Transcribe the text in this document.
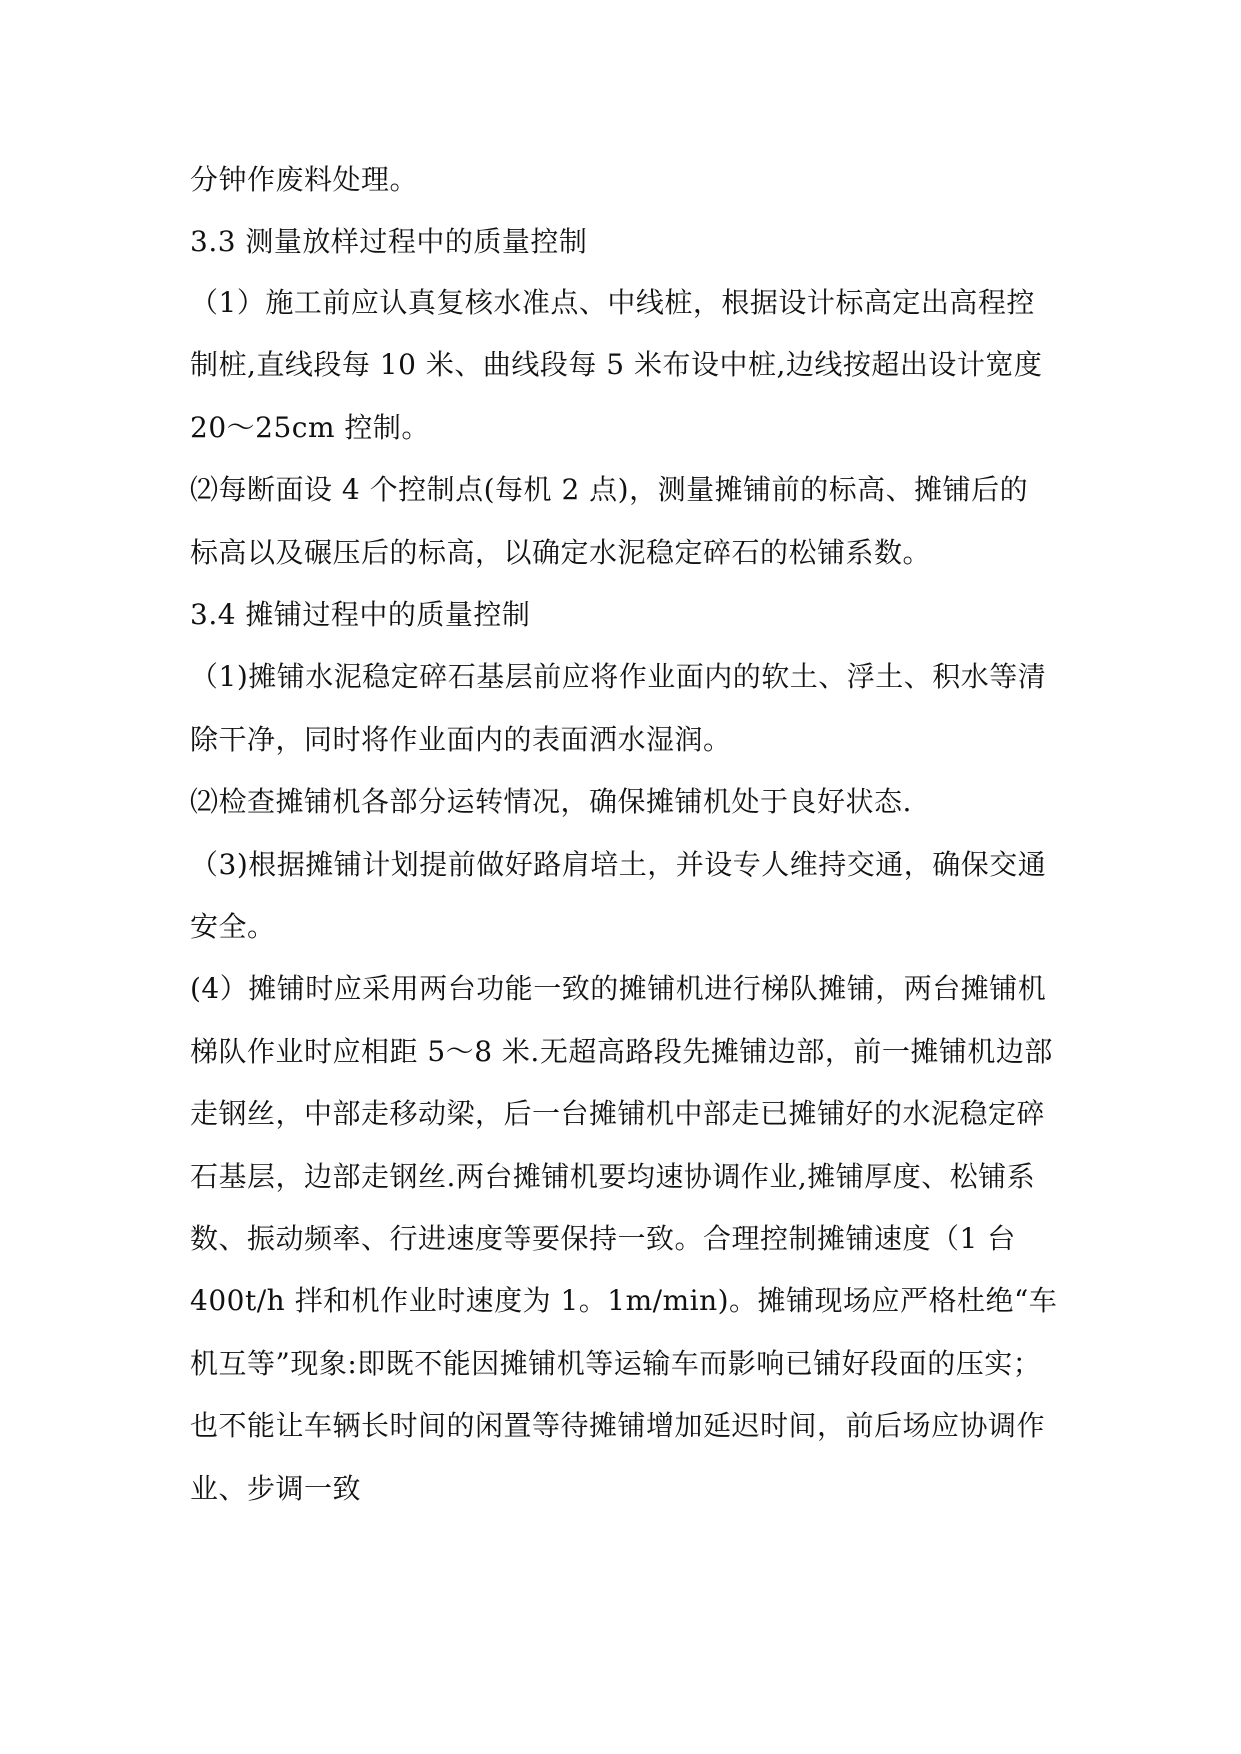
分钟作废料处理。
3.3 测量放样过程中的质量控制
（1）施工前应认真复核水准点、中线桩，根据设计标高定出高程控
制桩,直线段每 10 米、曲线段每 5 米布设中桩,边线按超出设计宽度
20～25cm 控制。
⑵每断面设 4 个控制点(每机 2 点)，测量摊铺前的标高、摊铺后的
标高以及碾压后的标高，以确定水泥稳定碎石的松铺系数。
3.4 摊铺过程中的质量控制
（1)摊铺水泥稳定碎石基层前应将作业面内的软土、浮土、积水等清
除干净，同时将作业面内的表面洒水湿润。
⑵检查摊铺机各部分运转情况，确保摊铺机处于良好状态.
（3)根据摊铺计划提前做好路肩培土，并设专人维持交通，确保交通
安全。
(4）摊铺时应采用两台功能一致的摊铺机进行梯队摊铺，两台摊铺机
梯队作业时应相距 5～8 米.无超高路段先摊铺边部，前一摊铺机边部
走钢丝，中部走移动梁，后一台摊铺机中部走已摊铺好的水泥稳定碎
石基层，边部走钢丝.两台摊铺机要均速协调作业,摊铺厚度、松铺系
数、振动频率、行进速度等要保持一致。合理控制摊铺速度（1 台
400t/h 拌和机作业时速度为 1。1m/min)。摊铺现场应严格杜绝“车
机互等”现象:即既不能因摊铺机等运输车而影响已铺好段面的压实；
也不能让车辆长时间的闲置等待摊铺增加延迟时间，前后场应协调作
业、步调一致
